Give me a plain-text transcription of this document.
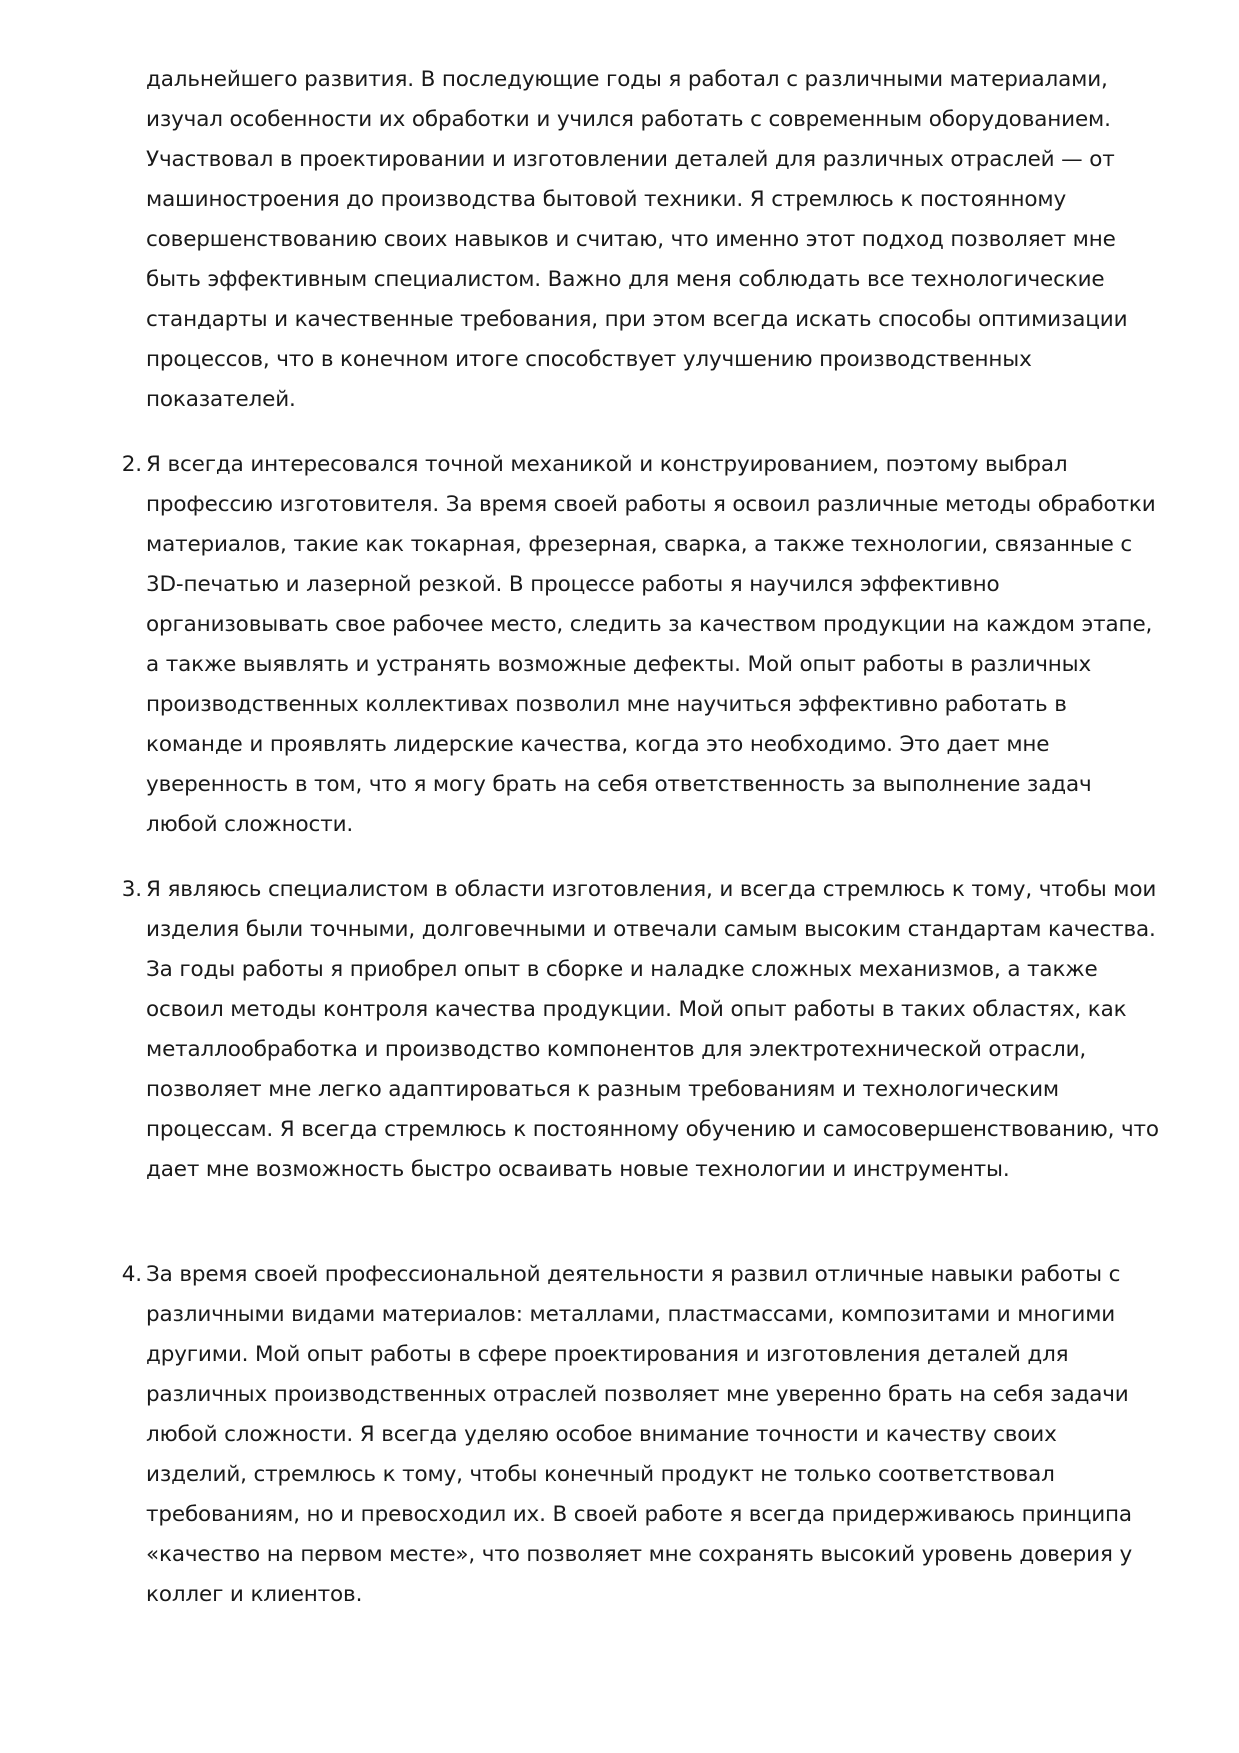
дальнейшего развития. В последующие годы я работал с различными материалами, изучал особенности их обработки и учился работать с современным оборудованием. Участвовал в проектировании и изготовлении деталей для различных отраслей — от машиностроения до производства бытовой техники. Я стремлюсь к постоянному совершенствованию своих навыков и считаю, что именно этот подход позволяет мне быть эффективным специалистом. Важно для меня соблюдать все технологические стандарты и качественные требования, при этом всегда искать способы оптимизации процессов, что в конечном итоге способствует улучшению производственных показателей.
2. Я всегда интересовался точной механикой и конструированием, поэтому выбрал профессию изготовителя. За время своей работы я освоил различные методы обработки материалов, такие как токарная, фрезерная, сварка, а также технологии, связанные с 3D-печатью и лазерной резкой. В процессе работы я научился эффективно организовывать свое рабочее место, следить за качеством продукции на каждом этапе, а также выявлять и устранять возможные дефекты. Мой опыт работы в различных производственных коллективах позволил мне научиться эффективно работать в команде и проявлять лидерские качества, когда это необходимо. Это дает мне уверенность в том, что я могу брать на себя ответственность за выполнение задач любой сложности.
3. Я являюсь специалистом в области изготовления, и всегда стремлюсь к тому, чтобы мои изделия были точными, долговечными и отвечали самым высоким стандартам качества. За годы работы я приобрел опыт в сборке и наладке сложных механизмов, а также освоил методы контроля качества продукции. Мой опыт работы в таких областях, как металлообработка и производство компонентов для электротехнической отрасли, позволяет мне легко адаптироваться к разным требованиям и технологическим процессам. Я всегда стремлюсь к постоянному обучению и самосовершенствованию, что дает мне возможность быстро осваивать новые технологии и инструменты.
4. За время своей профессиональной деятельности я развил отличные навыки работы с различными видами материалов: металлами, пластмассами, композитами и многими другими. Мой опыт работы в сфере проектирования и изготовления деталей для различных производственных отраслей позволяет мне уверенно брать на себя задачи любой сложности. Я всегда уделяю особое внимание точности и качеству своих изделий, стремлюсь к тому, чтобы конечный продукт не только соответствовал требованиям, но и превосходил их. В своей работе я всегда придерживаюсь принципа «качество на первом месте», что позволяет мне сохранять высокий уровень доверия у коллег и клиентов.
